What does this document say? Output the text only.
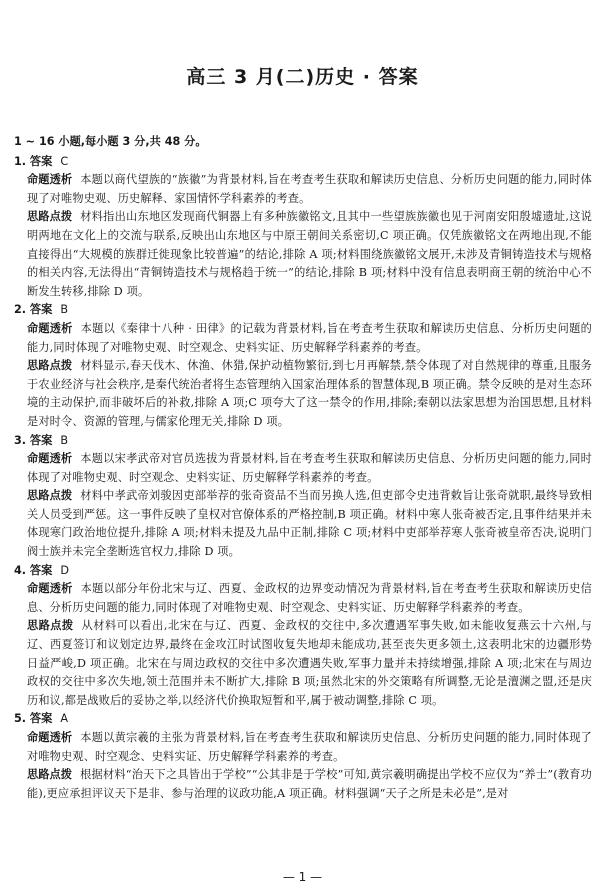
高三 3 月(二)历史 · 答案
1 ~ 16 小题,每小题 3 分,共 48 分。
1. 答案 C

命题透析 本题以商代望族的“族徽”为背景材料,旨在考查考生获取和解读历史信息、分析历史问题的能力,同时体现了对唯物史观、历史解释、家国情怀学科素养的考查。

思路点拨 材料指出山东地区发现商代铜器上有多种族徽铭文,且其中一些望族族徽也见于河南安阳殷墟遗址,这说明两地在文化上的交流与联系,反映出山东地区与中原王朝间关系密切,C 项正确。仅凭族徽铭文在两地出现,不能直接得出“大规模的族群迁徙现象比较普遍”的结论,排除 A 项;材料围绕族徽铭文展开,未涉及青铜铸造技术与规格的相关内容,无法得出“青铜铸造技术与规格趋于统一”的结论,排除 B 项;材料中没有信息表明商王朝的统治中心不断发生转移,排除 D 项。

2. 答案 B

命题透析 本题以《秦律十八种 · 田律》的记载为背景材料,旨在考查考生获取和解读历史信息、分析历史问题的能力,同时体现了对唯物史观、时空观念、史料实证、历史解释学科素养的考查。

思路点拨 材料显示,春天伐木、休渔、休猎,保护动植物繁衍,到七月再解禁,禁令体现了对自然规律的尊重,且服务于农业经济与社会秩序,是秦代统治者将生态管理纳入国家治理体系的智慧体现,B 项正确。禁令反映的是对生态环境的主动保护,而非破坏后的补救,排除 A 项;C 项夸大了这一禁令的作用,排除;秦朝以法家思想为治国思想,且材料是对时令、资源的管理,与儒家伦理无关,排除 D 项。

3. 答案 B

命题透析 本题以宋孝武帝对官员选拔为背景材料,旨在考查考生获取和解读历史信息、分析历史问题的能力,同时体现了对唯物史观、时空观念、史料实证、历史解释学科素养的考查。

思路点拨 材料中孝武帝刘骏因吏部举荐的张奇资品不当而另换人选,但吏部令史违背敕旨让张奇就职,最终导致相关人员受到严惩。这一事件反映了皇权对官僚体系的严格控制,B 项正确。材料中寒人张奇被否定,且事件结果并未体现寒门政治地位提升,排除 A 项;材料未提及九品中正制,排除 C 项;材料中吏部举荐寒人张奇被皇帝否决,说明门阀士族并未完全垄断选官权力,排除 D 项。

4. 答案 D

命题透析 本题以部分年份北宋与辽、西夏、金政权的边界变动情况为背景材料,旨在考查考生获取和解读历史信息、分析历史问题的能力,同时体现了对唯物史观、时空观念、史料实证、历史解释学科素养的考查。

思路点拨 从材料可以看出,北宋在与辽、西夏、金政权的交往中,多次遭遇军事失败,如未能收复燕云十六州,与辽、西夏签订和议划定边界,最终在金攻江时试图收复失地却未能成功,甚至丧失更多领土,这表明北宋的边疆形势日益严峻,D 项正确。北宋在与周边政权的交往中多次遭遇失败,军事力量并未持续增强,排除 A 项;北宋在与周边政权的交往中多次失地,领土范围并未不断扩大,排除 B 项;虽然北宋的外交策略有所调整,无论是澶渊之盟,还是庆历和议,都是战败后的妥协之举,以经济代价换取短暂和平,属于被动调整,排除 C 项。

5. 答案 A

命题透析 本题以黄宗羲的主张为背景材料,旨在考查考生获取和解读历史信息、分析历史问题的能力,同时体现了对唯物史观、时空观念、史料实证、历史解释学科素养的考查。

思路点拨 根据材料“治天下之具皆出于学校”“公其非是于学校”可知,黄宗羲明确提出学校不应仅为“养士”(教育功能),更应承担评议天下是非、参与治理的议政功能,A 项正确。材料强调“天子之所是未必是”,是对

— 1 —
